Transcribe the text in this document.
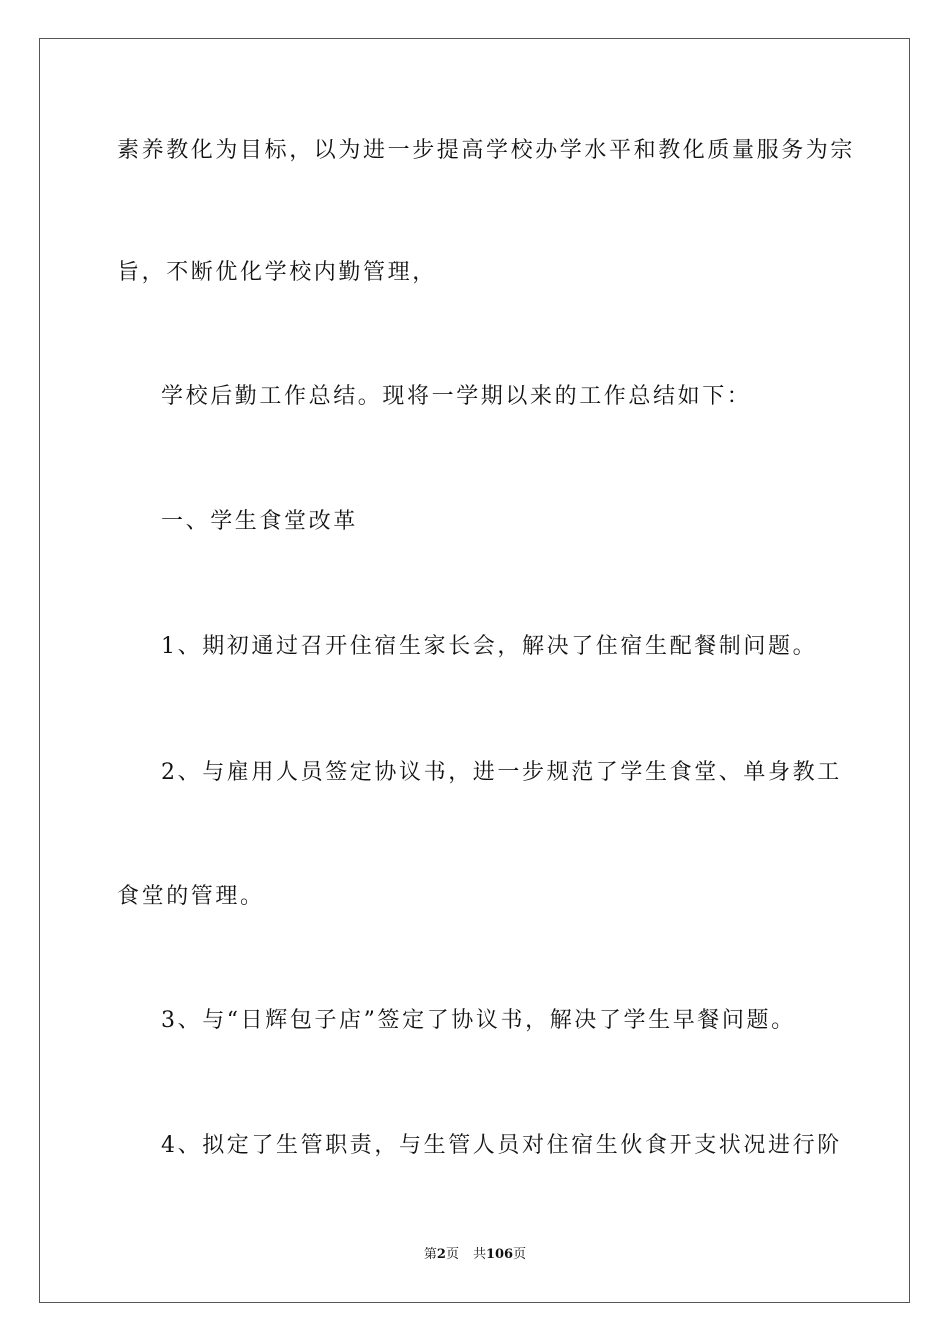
素养教化为目标，以为进一步提高学校办学水平和教化质量服务为宗
旨，不断优化学校内勤管理，
学校后勤工作总结。现将一学期以来的工作总结如下：
一、学生食堂改革
1、期初通过召开住宿生家长会，解决了住宿生配餐制问题。
2、与雇用人员签定协议书，进一步规范了学生食堂、单身教工
食堂的管理。
3、与“日辉包子店”签定了协议书，解决了学生早餐问题。
4、拟定了生管职责，与生管人员对住宿生伙食开支状况进行阶
第2页 共106页
